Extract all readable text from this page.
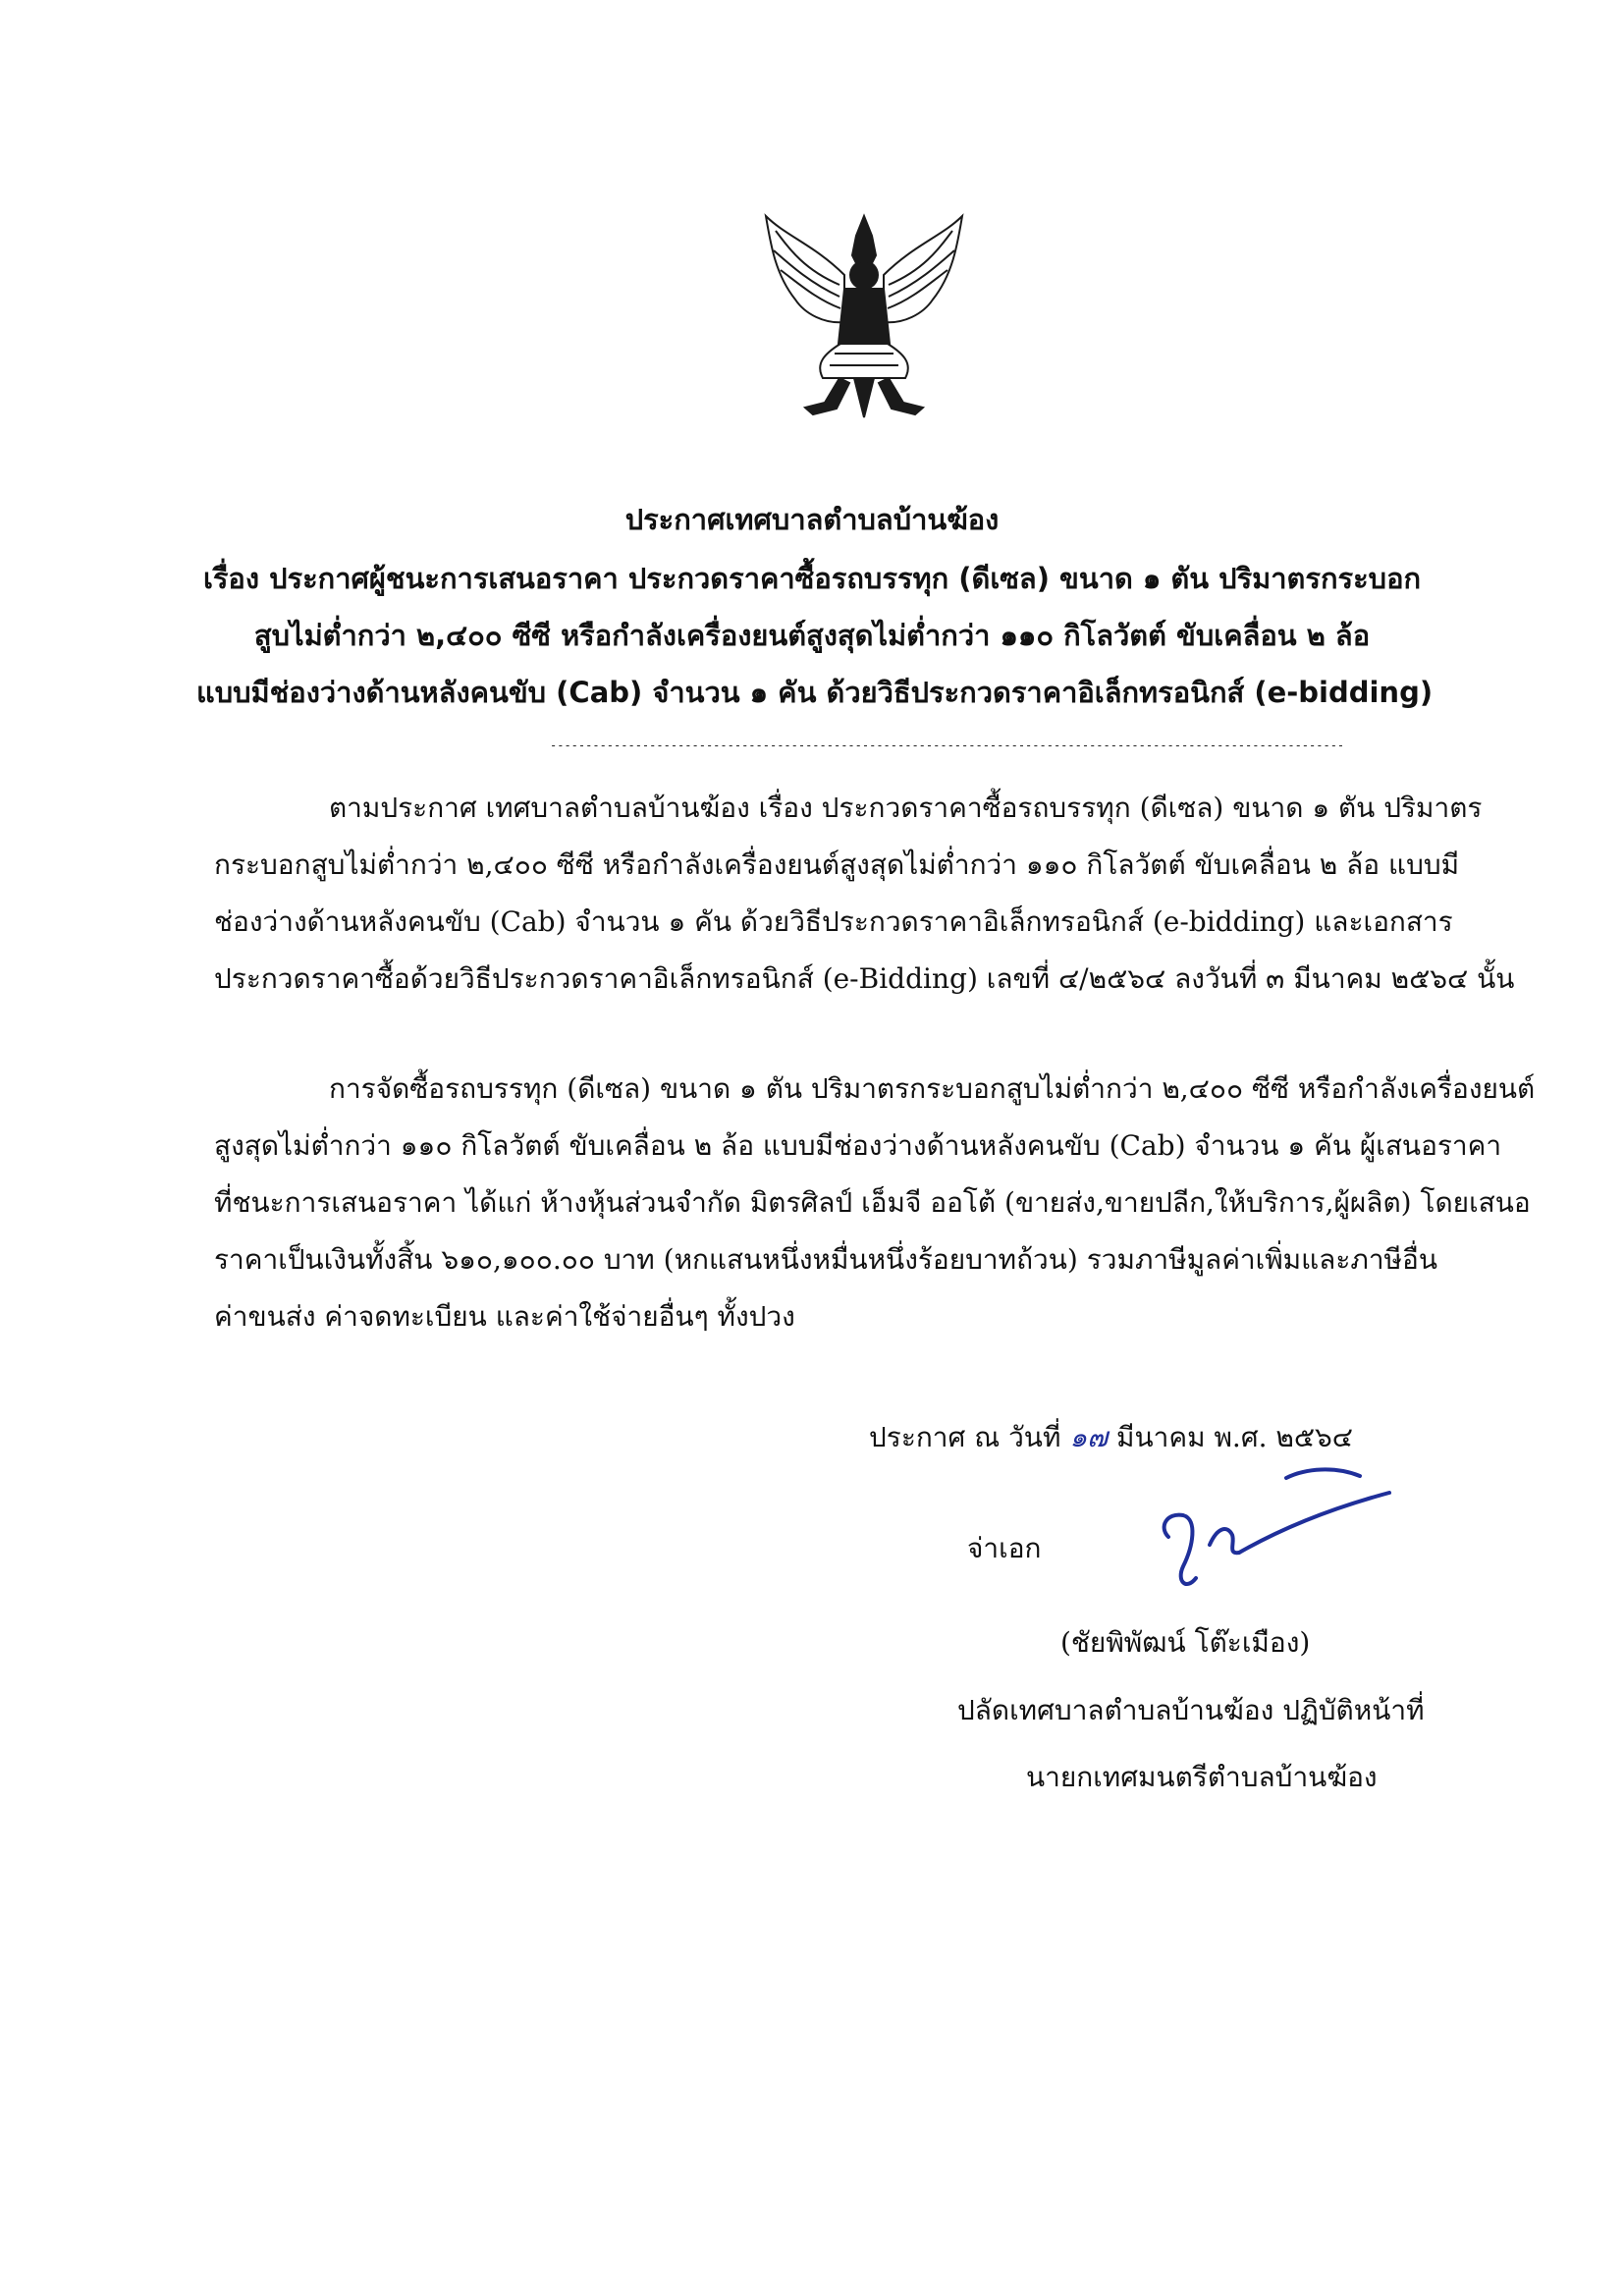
ประกาศเทศบาลตำบลบ้านฆ้อง
เรื่อง ประกาศผู้ชนะการเสนอราคา ประกวดราคาซื้อรถบรรทุก (ดีเซล) ขนาด ๑ ตัน ปริมาตรกระบอก
สูบไม่ต่ำกว่า ๒,๔๐๐ ซีซี หรือกำลังเครื่องยนต์สูงสุดไม่ต่ำกว่า ๑๑๐ กิโลวัตต์ ขับเคลื่อน ๒ ล้อ
แบบมีช่องว่างด้านหลังคนขับ (Cab) จำนวน ๑ คัน ด้วยวิธีประกวดราคาอิเล็กทรอนิกส์ (e-bidding)
----------------------------------------------------------------------------------------------------------------
ตามประกาศ เทศบาลตำบลบ้านฆ้อง เรื่อง ประกวดราคาซื้อรถบรรทุก (ดีเซล) ขนาด ๑ ตัน ปริมาตร
กระบอกสูบไม่ต่ำกว่า ๒,๔๐๐ ซีซี หรือกำลังเครื่องยนต์สูงสุดไม่ต่ำกว่า ๑๑๐ กิโลวัตต์ ขับเคลื่อน ๒ ล้อ แบบมี
ช่องว่างด้านหลังคนขับ (Cab) จำนวน ๑ คัน ด้วยวิธีประกวดราคาอิเล็กทรอนิกส์ (e-bidding) และเอกสาร
ประกวดราคาซื้อด้วยวิธีประกวดราคาอิเล็กทรอนิกส์ (e-Bidding) เลขที่ ๔/๒๕๖๔ ลงวันที่ ๓ มีนาคม ๒๕๖๔ นั้น
การจัดซื้อรถบรรทุก (ดีเซล) ขนาด ๑ ตัน ปริมาตรกระบอกสูบไม่ต่ำกว่า ๒,๔๐๐ ซีซี หรือกำลังเครื่องยนต์
สูงสุดไม่ต่ำกว่า ๑๑๐ กิโลวัตต์ ขับเคลื่อน ๒ ล้อ แบบมีช่องว่างด้านหลังคนขับ (Cab) จำนวน ๑ คัน ผู้เสนอราคา
ที่ชนะการเสนอราคา ได้แก่ ห้างหุ้นส่วนจำกัด มิตรศิลป์ เอ็มจี ออโต้ (ขายส่ง,ขายปลีก,ให้บริการ,ผู้ผลิต) โดยเสนอ
ราคาเป็นเงินทั้งสิ้น ๖๑๐,๑๐๐.๐๐ บาท (หกแสนหนึ่งหมื่นหนึ่งร้อยบาทถ้วน) รวมภาษีมูลค่าเพิ่มและภาษีอื่น
ค่าขนส่ง ค่าจดทะเบียน และค่าใช้จ่ายอื่นๆ ทั้งปวง
ประกาศ ณ วันที่ ๑๗ มีนาคม พ.ศ. ๒๕๖๔
จ่าเอก
(ชัยพิพัฒน์ โต๊ะเมือง)
ปลัดเทศบาลตำบลบ้านฆ้อง ปฏิบัติหน้าที่
นายกเทศมนตรีตำบลบ้านฆ้อง
